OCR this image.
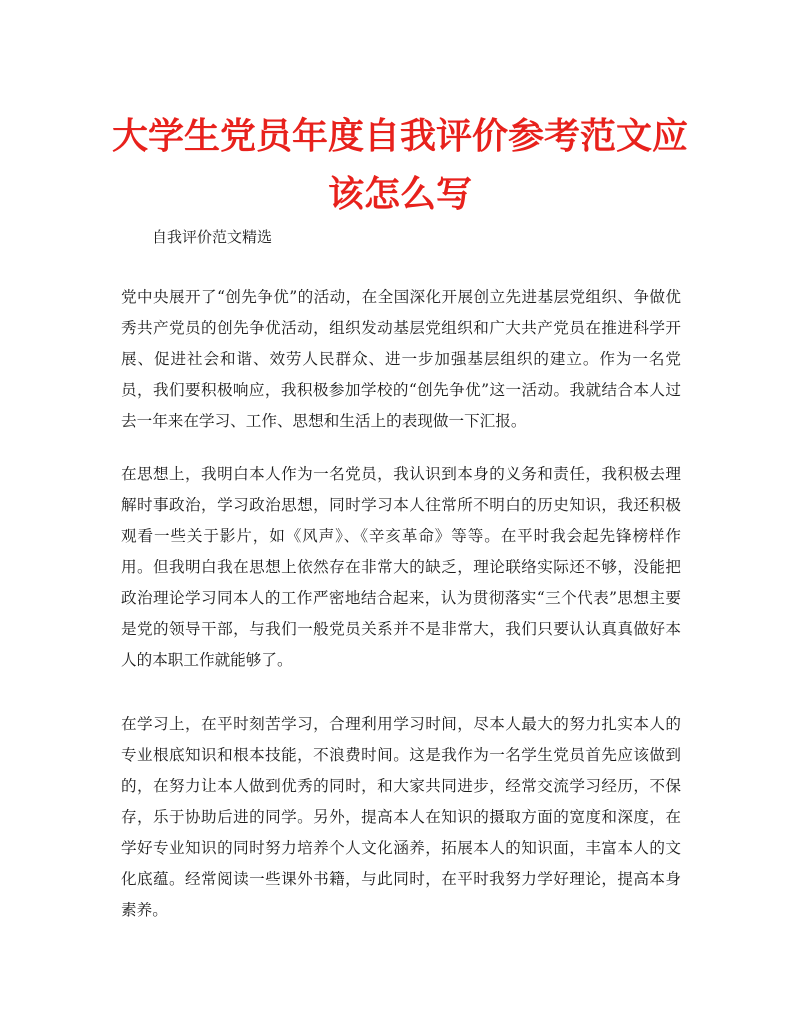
大学生党员年度自我评价参考范文应该怎么写

自我评价范文精选

党中央展开了“创先争优”的活动，在全国深化开展创立先进基层党组织、争做优秀共产党员的创先争优活动，组织发动基层党组织和广大共产党员在推进科学开展、促进社会和谐、效劳人民群众、进一步加强基层组织的建立。作为一名党员，我们要积极响应，我积极参加学校的“创先争优”这一活动。我就结合本人过去一年来在学习、工作、思想和生活上的表现做一下汇报。

在思想上，我明白本人作为一名党员，我认识到本身的义务和责任，我积极去理解时事政治，学习政治思想，同时学习本人往常所不明白的历史知识，我还积极观看一些关于影片，如《风声》、《辛亥革命》等等。在平时我会起先锋榜样作用。但我明白我在思想上依然存在非常大的缺乏，理论联络实际还不够，没能把政治理论学习同本人的工作严密地结合起来，认为贯彻落实“三个代表”思想主要是党的领导干部，与我们一般党员关系并不是非常大，我们只要认认真真做好本人的本职工作就能够了。

在学习上，在平时刻苦学习，合理利用学习时间，尽本人最大的努力扎实本人的专业根底知识和根本技能，不浪费时间。这是我作为一名学生党员首先应该做到的，在努力让本人做到优秀的同时，和大家共同进步，经常交流学习经历，不保存，乐于协助后进的同学。另外，提高本人在知识的摄取方面的宽度和深度，在学好专业知识的同时努力培养个人文化涵养，拓展本人的知识面，丰富本人的文化底蕴。经常阅读一些课外书籍，与此同时，在平时我努力学好理论，提高本身素养。
